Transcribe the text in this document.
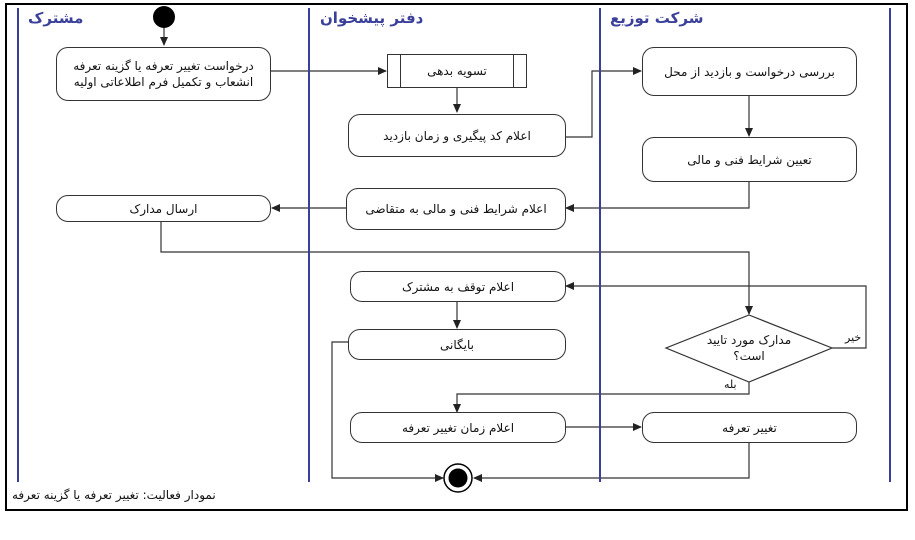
مشترک	دفتر پیشخوان	شرکت توزیع
درخواست تغییر تعرفه یا گزینه تعرفه انشعاب و تکمیل فرم اطلاعاتی اولیه
تسویه بدهی
اعلام کد پیگیری و زمان بازدید
بررسی درخواست و بازدید از محل
تعیین شرایط فنی و مالی
اعلام شرایط فنی و مالی به متقاضی
ارسال مدارک
اعلام توقف به مشترک
بایگانی
اعلام زمان تغییر تعرفه	تغییر تعرفه
مدارک مورد تایید است؟
خیر
بله
نمودار فعالیت: تغییر تعرفه یا گزینه تعرفه
